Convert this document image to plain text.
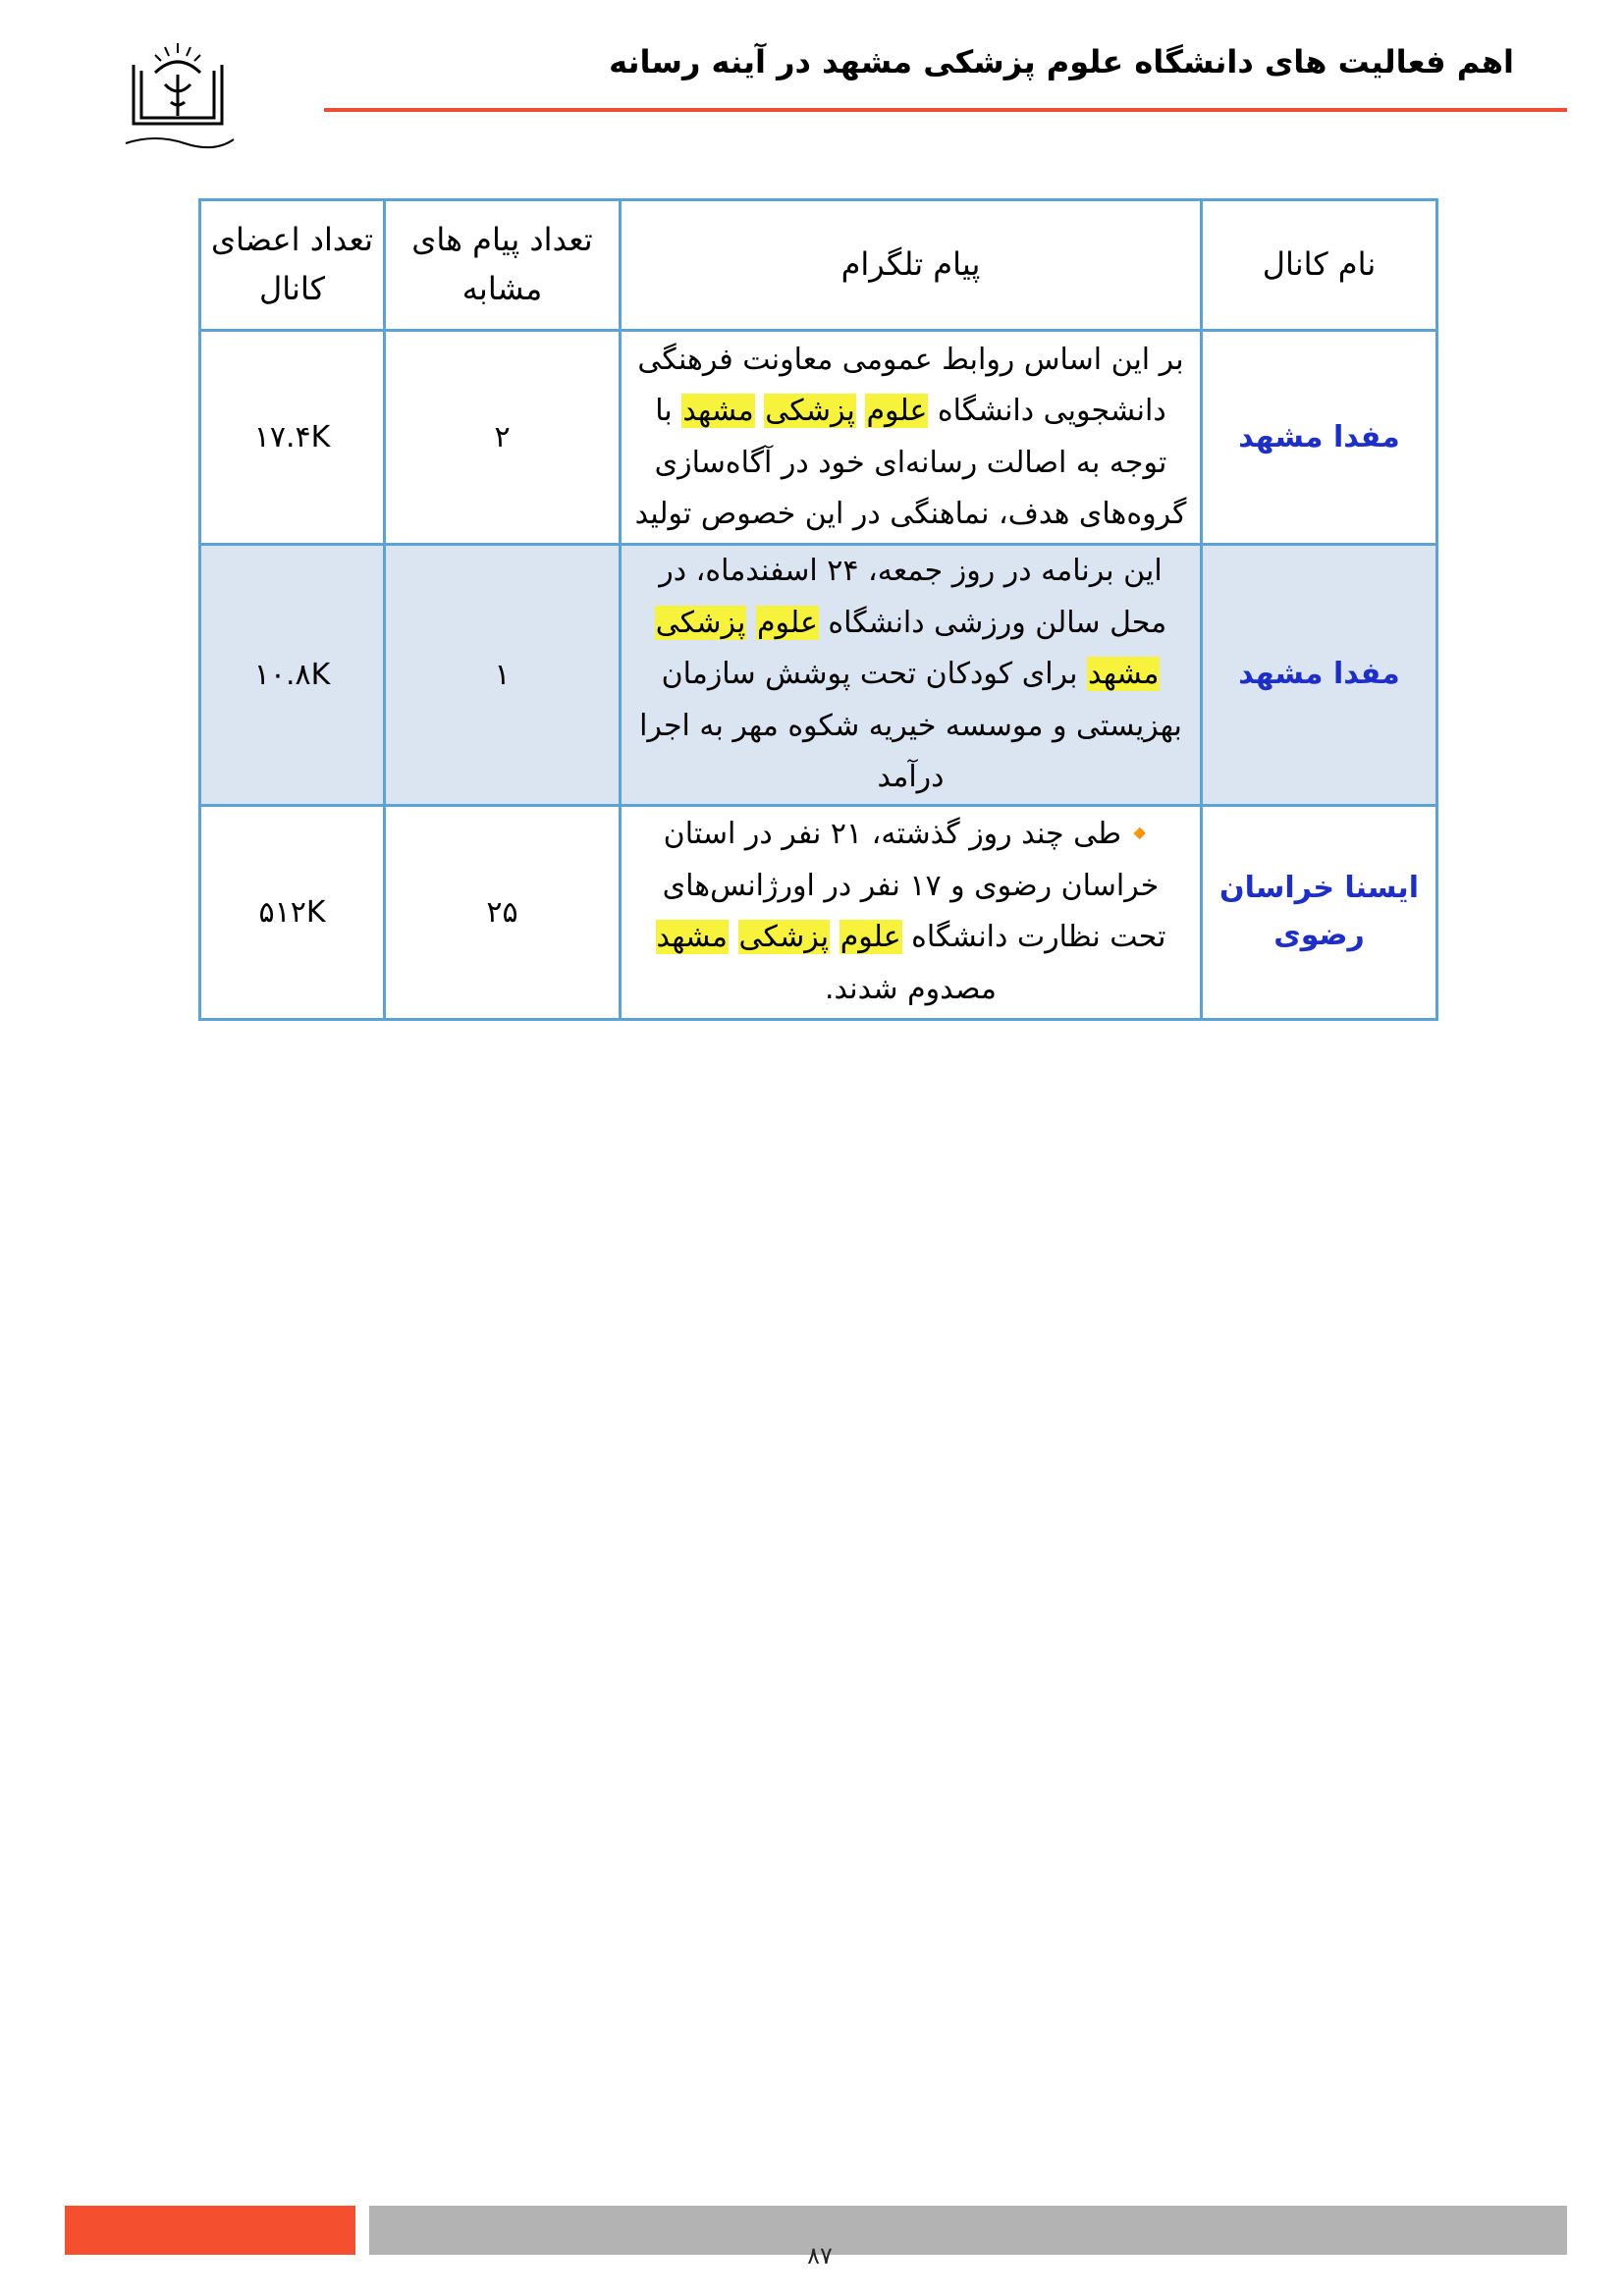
اهم فعالیت های دانشگاه علوم پزشکی مشهد در آینه رسانه
نام کانال	پیام تلگرام	تعداد پیام های مشابه	تعداد اعضای کانال
مفدا مشهد	بر این اساس روابط عمومی معاونت فرهنگی دانشجویی دانشگاه علوم پزشکی مشهد با توجه به اصالت رسانه‌ای خود در آگاه‌سازی گروه‌های هدف، نماهنگی در این خصوص تولید	۲	۱۷.۴K
مفدا مشهد	این برنامه در روز جمعه، ۲۴ اسفندماه، در محل سالن ورزشی دانشگاه علوم پزشکی مشهد برای کودکان تحت پوشش سازمان بهزیستی و موسسه خیریه شکوه مهر به اجرا درآمد	۱	۱۰.۸K
ایسنا خراسان رضوی	🔸طی چند روز گذشته، ۲۱ نفر در استان خراسان رضوی و ۱۷ نفر در اورژانس‌های تحت نظارت دانشگاه علوم پزشکی مشهد مصدوم شدند.	۲۵	۵۱۲K
۸۷
